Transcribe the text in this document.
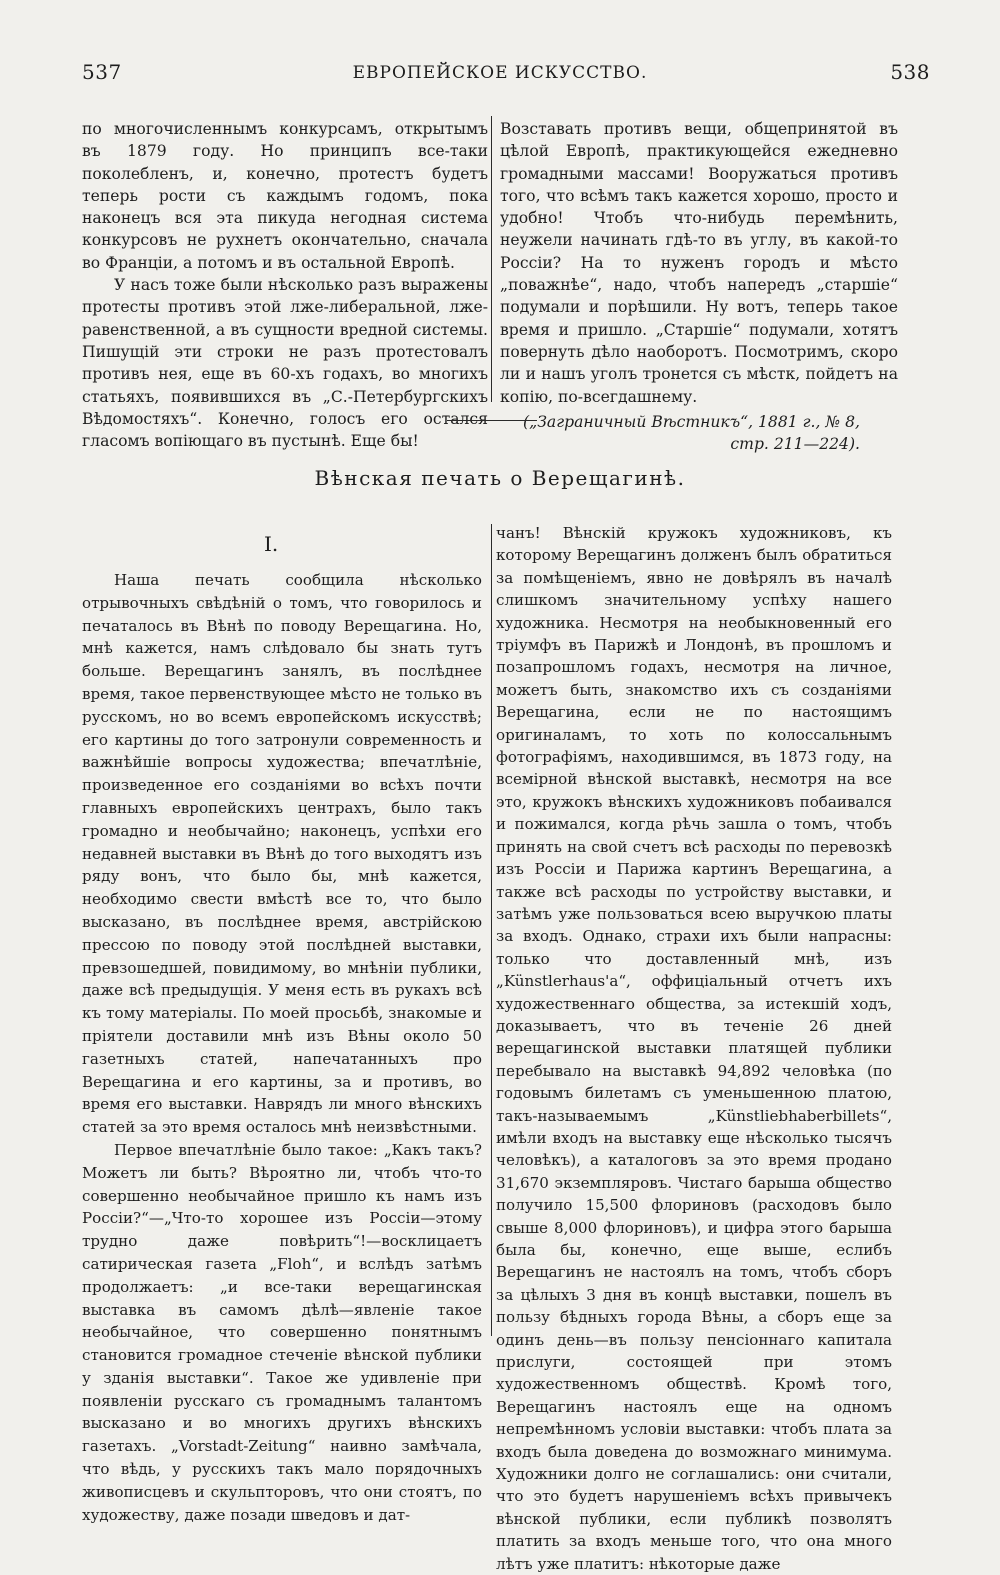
537	ЕВРОПЕЙСКОЕ ИСКУССТВО.	538

по многочисленнымъ конкурсамъ, открытымъ въ 1879 году. Но принципъ все-таки поколебленъ, и, конечно, протестъ будетъ теперь рости съ каждымъ годомъ, пока наконецъ вся эта пикуда негодная система конкурсовъ не рухнетъ окончательно, сначала во Франціи, а потомъ и въ остальной Европѣ.

У насъ тоже были нѣсколько разъ выражены протесты противъ этой лже-либеральной, лже-равенственной, а въ сущности вредной системы. Пишущій эти строки не разъ протестовалъ противъ нея, еще въ 60-хъ годахъ, во многихъ статьяхъ, появившихся въ „С.-Петербургскихъ Вѣдомостяхъ“. Конечно, голосъ его остался гласомъ вопіющаго въ пустынѣ. Еще бы!

Возставать противъ вещи, общепринятой въ цѣлой Европѣ, практикующейся ежедневно громадными массами! Вооружаться противъ того, что всѣмъ такъ кажется хорошо, просто и удобно! Чтобъ что-нибудь перемѣнить, неужели начинать гдѣ-то въ углу, въ какой-то Россіи? На то нуженъ городъ и мѣсто „поважнѣе“, надо, чтобъ напередъ „старшіе“ подумали и порѣшили. Ну вотъ, теперь такое время и пришло. „Старшіе“ подумали, хотятъ повернуть дѣло наоборотъ. Посмотримъ, скоро ли и нашъ уголъ тронется съ мѣстк, пойдетъ на копію, по-всегдашнему.

(„Заграничный Вѣстникъ“, 1881 г., № 8,
стр. 211—224).

Вѣнская печать о Верещагинѣ.
I.

Наша печать сообщила нѣсколько отрывочныхъ свѣдѣній о томъ, что говорилось и печаталось въ Вѣнѣ по поводу Верещагина. Но, мнѣ кажется, намъ слѣдовало бы знать тутъ больше. Верещагинъ занялъ, въ послѣднее время, такое первенствующее мѣсто не только въ русскомъ, но во всемъ европейскомъ искусствѣ; его картины до того затронули современность и важнѣйшіе вопросы художества; впечатлѣніе, произведенное его созданіями во всѣхъ почти главныхъ европейскихъ центрахъ, было такъ громадно и необычайно; наконецъ, успѣхи его недавней выставки въ Вѣнѣ до того выходятъ изъ ряду вонъ, что было бы, мнѣ кажется, необходимо свести вмѣстѣ все то, что было высказано, въ послѣднее время, австрійскою прессою по поводу этой послѣдней выставки, превзошедшей, повидимому, во мнѣніи публики, даже всѣ предыдущія. У меня есть въ рукахъ всѣ къ тому матеріалы. По моей просьбѣ, знакомые и пріятели доставили мнѣ изъ Вѣны около 50 газетныхъ статей, напечатанныхъ про Верещагина и его картины, за и противъ, во время его выставки. Наврядъ ли много вѣнскихъ статей за это время осталось мнѣ неизвѣстными.

Первое впечатлѣніе было такое: „Какъ такъ? Можетъ ли быть? Вѣроятно ли, чтобъ что-то совершенно необычайное пришло къ намъ изъ Россіи?“—„Что-то хорошее изъ Россіи—этому трудно даже повѣрить“!—восклицаетъ сатирическая газета „Floh“, и вслѣдъ затѣмъ продолжаетъ: „и все-таки верещагинская выставка въ самомъ дѣлѣ—явленіе такое необычайное, что совершенно понятнымъ становится громадное стеченіе вѣнской публики у зданія выставки“. Такое же удивленіе при появленіи русскаго съ громаднымъ талантомъ высказано и во многихъ другихъ вѣнскихъ газетахъ. „Vorstadt-Zeitung“ наивно замѣчала, что вѣдь, у русскихъ такъ мало порядочныхъ живописцевъ и скульпторовъ, что они стоятъ, по художеству, даже позади шведовъ и дат-

чанъ! Вѣнскій кружокъ художниковъ, къ которому Верещагинъ долженъ былъ обратиться за помѣщеніемъ, явно не довѣрялъ въ началѣ слишкомъ значительному успѣху нашего художника. Несмотря на необыкновенный его тріумфъ въ Парижѣ и Лондонѣ, въ прошломъ и позапрошломъ годахъ, несмотря на личное, можетъ быть, знакомство ихъ съ созданіями Верещагина, если не по настоящимъ оригиналамъ, то хоть по колоссальнымъ фотографіямъ, находившимся, въ 1873 году, на всемірной вѣнской выставкѣ, несмотря на все это, кружокъ вѣнскихъ художниковъ побаивался и пожимался, когда рѣчь зашла о томъ, чтобъ принять на свой счетъ всѣ расходы по перевозкѣ изъ Россіи и Парижа картинъ Верещагина, а также всѣ расходы по устройству выставки, и затѣмъ уже пользоваться всею выручкою платы за входъ. Однако, страхи ихъ были напрасны: только что доставленный мнѣ, изъ „Künstlerhaus'a“, оффиціальный отчетъ ихъ художественнаго общества, за истекшій ходъ, доказываетъ, что въ теченіе 26 дней верещагинской выставки платящей публики перебывало на выставкѣ 94,892 человѣка (по годовымъ билетамъ съ уменьшенною платою, такъ-называемымъ „Künstliebhaberbillets“, имѣли входъ на выставку еще нѣсколько тысячъ человѣкъ), а каталоговъ за это время продано 31,670 экземпляровъ. Чистаго барыша общество получило 15,500 флориновъ (расходовъ было свыше 8,000 флориновъ), и цифра этого барыша была бы, конечно, еще выше, еслибъ Верещагинъ не настоялъ на томъ, чтобъ сборъ за цѣлыхъ 3 дня въ концѣ выставки, пошелъ въ пользу бѣдныхъ города Вѣны, а сборъ еще за одинъ день—въ пользу пенсіоннаго капитала прислуги, состоящей при этомъ художественномъ обществѣ. Кромѣ того, Верещагинъ настоялъ еще на одномъ непремѣнномъ условіи выставки: чтобъ плата за входъ была доведена до возможнаго минимума. Художники долго не соглашались: они считали, что это будетъ нарушеніемъ всѣхъ привычекъ вѣнской публики, если публикѣ позволятъ платить за входъ меньше того, что она много лѣтъ уже платитъ: нѣкоторые даже
